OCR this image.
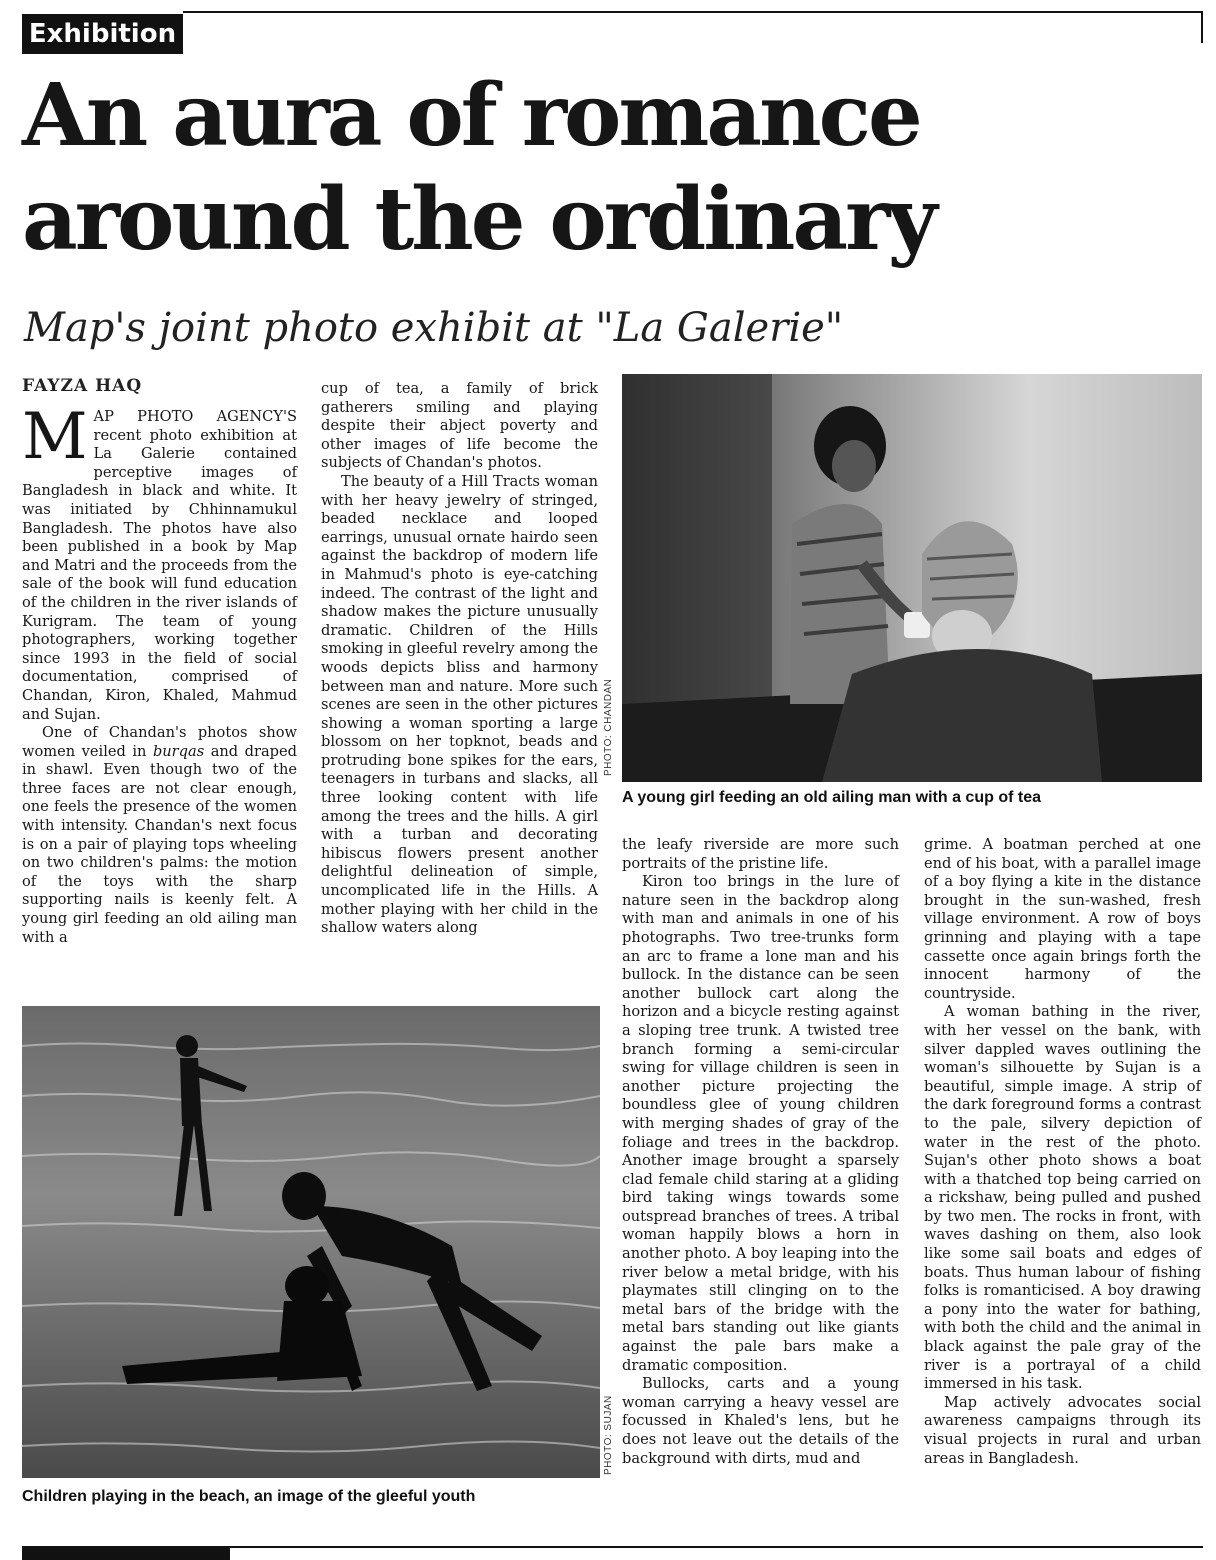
Exhibition
An aura of romance around the ordinary
Map's joint photo exhibit at "La Galerie"
FAYZA HAQ

MAP PHOTO AGENCY'S recent photo exhibition at La Galerie contained perceptive images of Bangladesh in black and white. It was initiated by Chhinnamukul Bangladesh. The photos have also been published in a book by Map and Matri and the proceeds from the sale of the book will fund education of the children in the river islands of Kurigram. The team of young photographers, working together since 1993 in the field of social documentation, comprised of Chandan, Kiron, Khaled, Mahmud and Sujan.

One of Chandan's photos show women veiled in burqas and draped in shawl. Even though two of the three faces are not clear enough, one feels the presence of the women with intensity. Chandan's next focus is on a pair of playing tops wheeling on two children's palms: the motion of the toys with the sharp supporting nails is keenly felt. A young girl feeding an old ailing man with a

cup of tea, a family of brick gatherers smiling and playing despite their abject poverty and other images of life become the subjects of Chandan's photos.

The beauty of a Hill Tracts woman with her heavy jewelry of stringed, beaded necklace and looped earrings, unusual ornate hairdo seen against the backdrop of modern life in Mahmud's photo is eye-catching indeed. The contrast of the light and shadow makes the picture unusually dramatic. Children of the Hills smoking in gleeful revelry among the woods depicts bliss and harmony between man and nature. More such scenes are seen in the other pictures showing a woman sporting a large blossom on her topknot, beads and protruding bone spikes for the ears, teenagers in turbans and slacks, all three looking content with life among the trees and the hills. A girl with a turban and decorating hibiscus flowers present another delightful delineation of simple, uncomplicated life in the Hills. A mother playing with her child in the shallow waters along

PHOTO: CHANDAN
A young girl feeding an old ailing man with a cup of tea
PHOTO: SUJAN
Children playing in the beach, an image of the gleeful youth

the leafy riverside are more such portraits of the pristine life.

Kiron too brings in the lure of nature seen in the backdrop along with man and animals in one of his photographs. Two tree-trunks form an arc to frame a lone man and his bullock. In the distance can be seen another bullock cart along the horizon and a bicycle resting against a sloping tree trunk. A twisted tree branch forming a semi-circular swing for village children is seen in another picture projecting the boundless glee of young children with merging shades of gray of the foliage and trees in the backdrop. Another image brought a sparsely clad female child staring at a gliding bird taking wings towards some outspread branches of trees. A tribal woman happily blows a horn in another photo. A boy leaping into the river below a metal bridge, with his playmates still clinging on to the metal bars of the bridge with the metal bars standing out like giants against the pale bars make a dramatic composition.

Bullocks, carts and a young woman carrying a heavy vessel are focussed in Khaled's lens, but he does not leave out the details of the background with dirts, mud and

grime. A boatman perched at one end of his boat, with a parallel image of a boy flying a kite in the distance brought in the sun-washed, fresh village environment. A row of boys grinning and playing with a tape cassette once again brings forth the innocent harmony of the countryside.

A woman bathing in the river, with her vessel on the bank, with silver dappled waves outlining the woman's silhouette by Sujan is a beautiful, simple image. A strip of the dark foreground forms a contrast to the pale, silvery depiction of water in the rest of the photo. Sujan's other photo shows a boat with a thatched top being carried on a rickshaw, being pulled and pushed by two men. The rocks in front, with waves dashing on them, also look like some sail boats and edges of boats. Thus human labour of fishing folks is romanticised. A boy drawing a pony into the water for bathing, with both the child and the animal in black against the pale gray of the river is a portrayal of a child immersed in his task.

Map actively advocates social awareness campaigns through its visual projects in rural and urban areas in Bangladesh.
